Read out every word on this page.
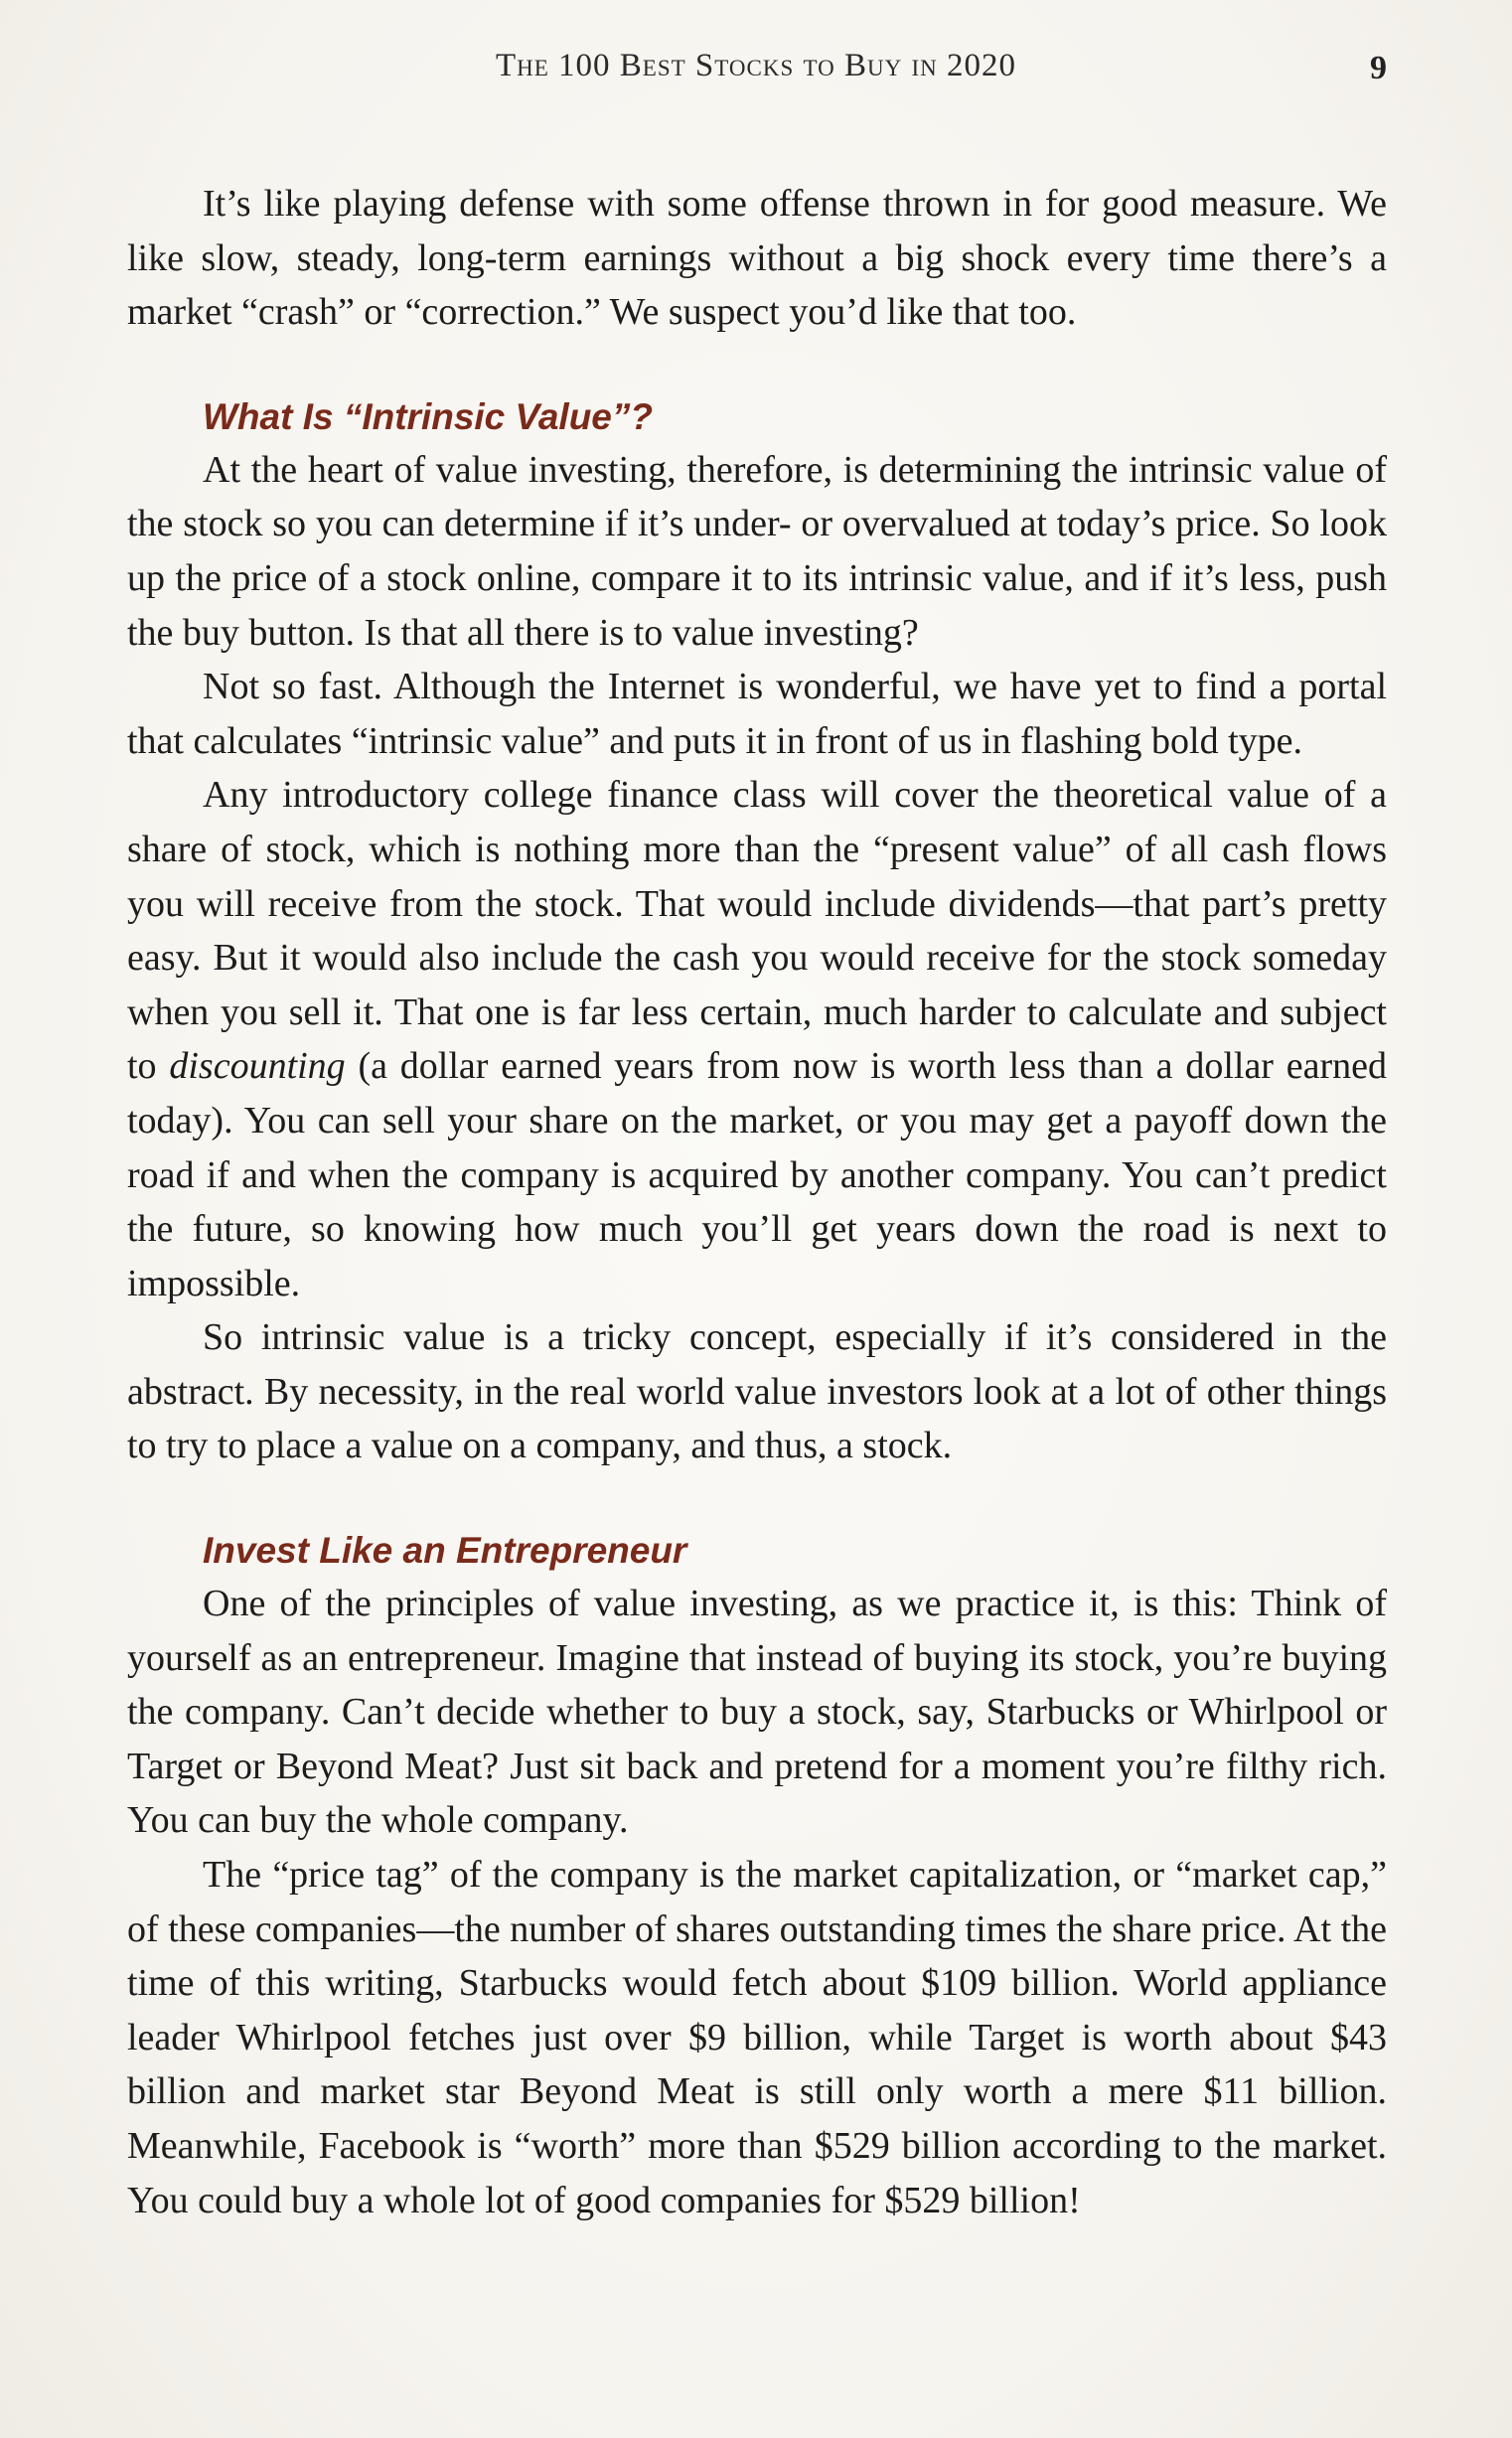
The 100 Best Stocks to Buy in 2020	9

It’s like playing defense with some offense thrown in for good measure. We like slow, steady, long-term earnings without a big shock every time there’s a market “crash” or “correction.” We suspect you’d like that too.

What Is “Intrinsic Value”?

At the heart of value investing, therefore, is determining the intrinsic value of the stock so you can determine if it’s under- or overvalued at today’s price. So look up the price of a stock online, compare it to its intrinsic value, and if it’s less, push the buy button. Is that all there is to value investing?

Not so fast. Although the Internet is wonderful, we have yet to find a portal that calculates “intrinsic value” and puts it in front of us in flashing bold type.

Any introductory college finance class will cover the theoretical value of a share of stock, which is nothing more than the “present value” of all cash flows you will receive from the stock. That would include dividends—that part’s pretty easy. But it would also include the cash you would receive for the stock someday when you sell it. That one is far less certain, much harder to calculate and subject to discounting (a dollar earned years from now is worth less than a dollar earned today). You can sell your share on the market, or you may get a payoff down the road if and when the company is acquired by another company. You can’t predict the future, so knowing how much you’ll get years down the road is next to impossible.

So intrinsic value is a tricky concept, especially if it’s considered in the abstract. By necessity, in the real world value investors look at a lot of other things to try to place a value on a company, and thus, a stock.

Invest Like an Entrepreneur

One of the principles of value investing, as we practice it, is this: Think of yourself as an entrepreneur. Imagine that instead of buying its stock, you’re buying the company. Can’t decide whether to buy a stock, say, Starbucks or Whirlpool or Target or Beyond Meat? Just sit back and pretend for a moment you’re filthy rich. You can buy the whole company.

The “price tag” of the company is the market capitalization, or “market cap,” of these companies—the number of shares outstanding times the share price. At the time of this writing, Starbucks would fetch about $109 billion. World appliance leader Whirlpool fetches just over $9 billion, while Target is worth about $43 billion and market star Beyond Meat is still only worth a mere $11 billion. Meanwhile, Facebook is “worth” more than $529 billion according to the market. You could buy a whole lot of good companies for $529 billion!
